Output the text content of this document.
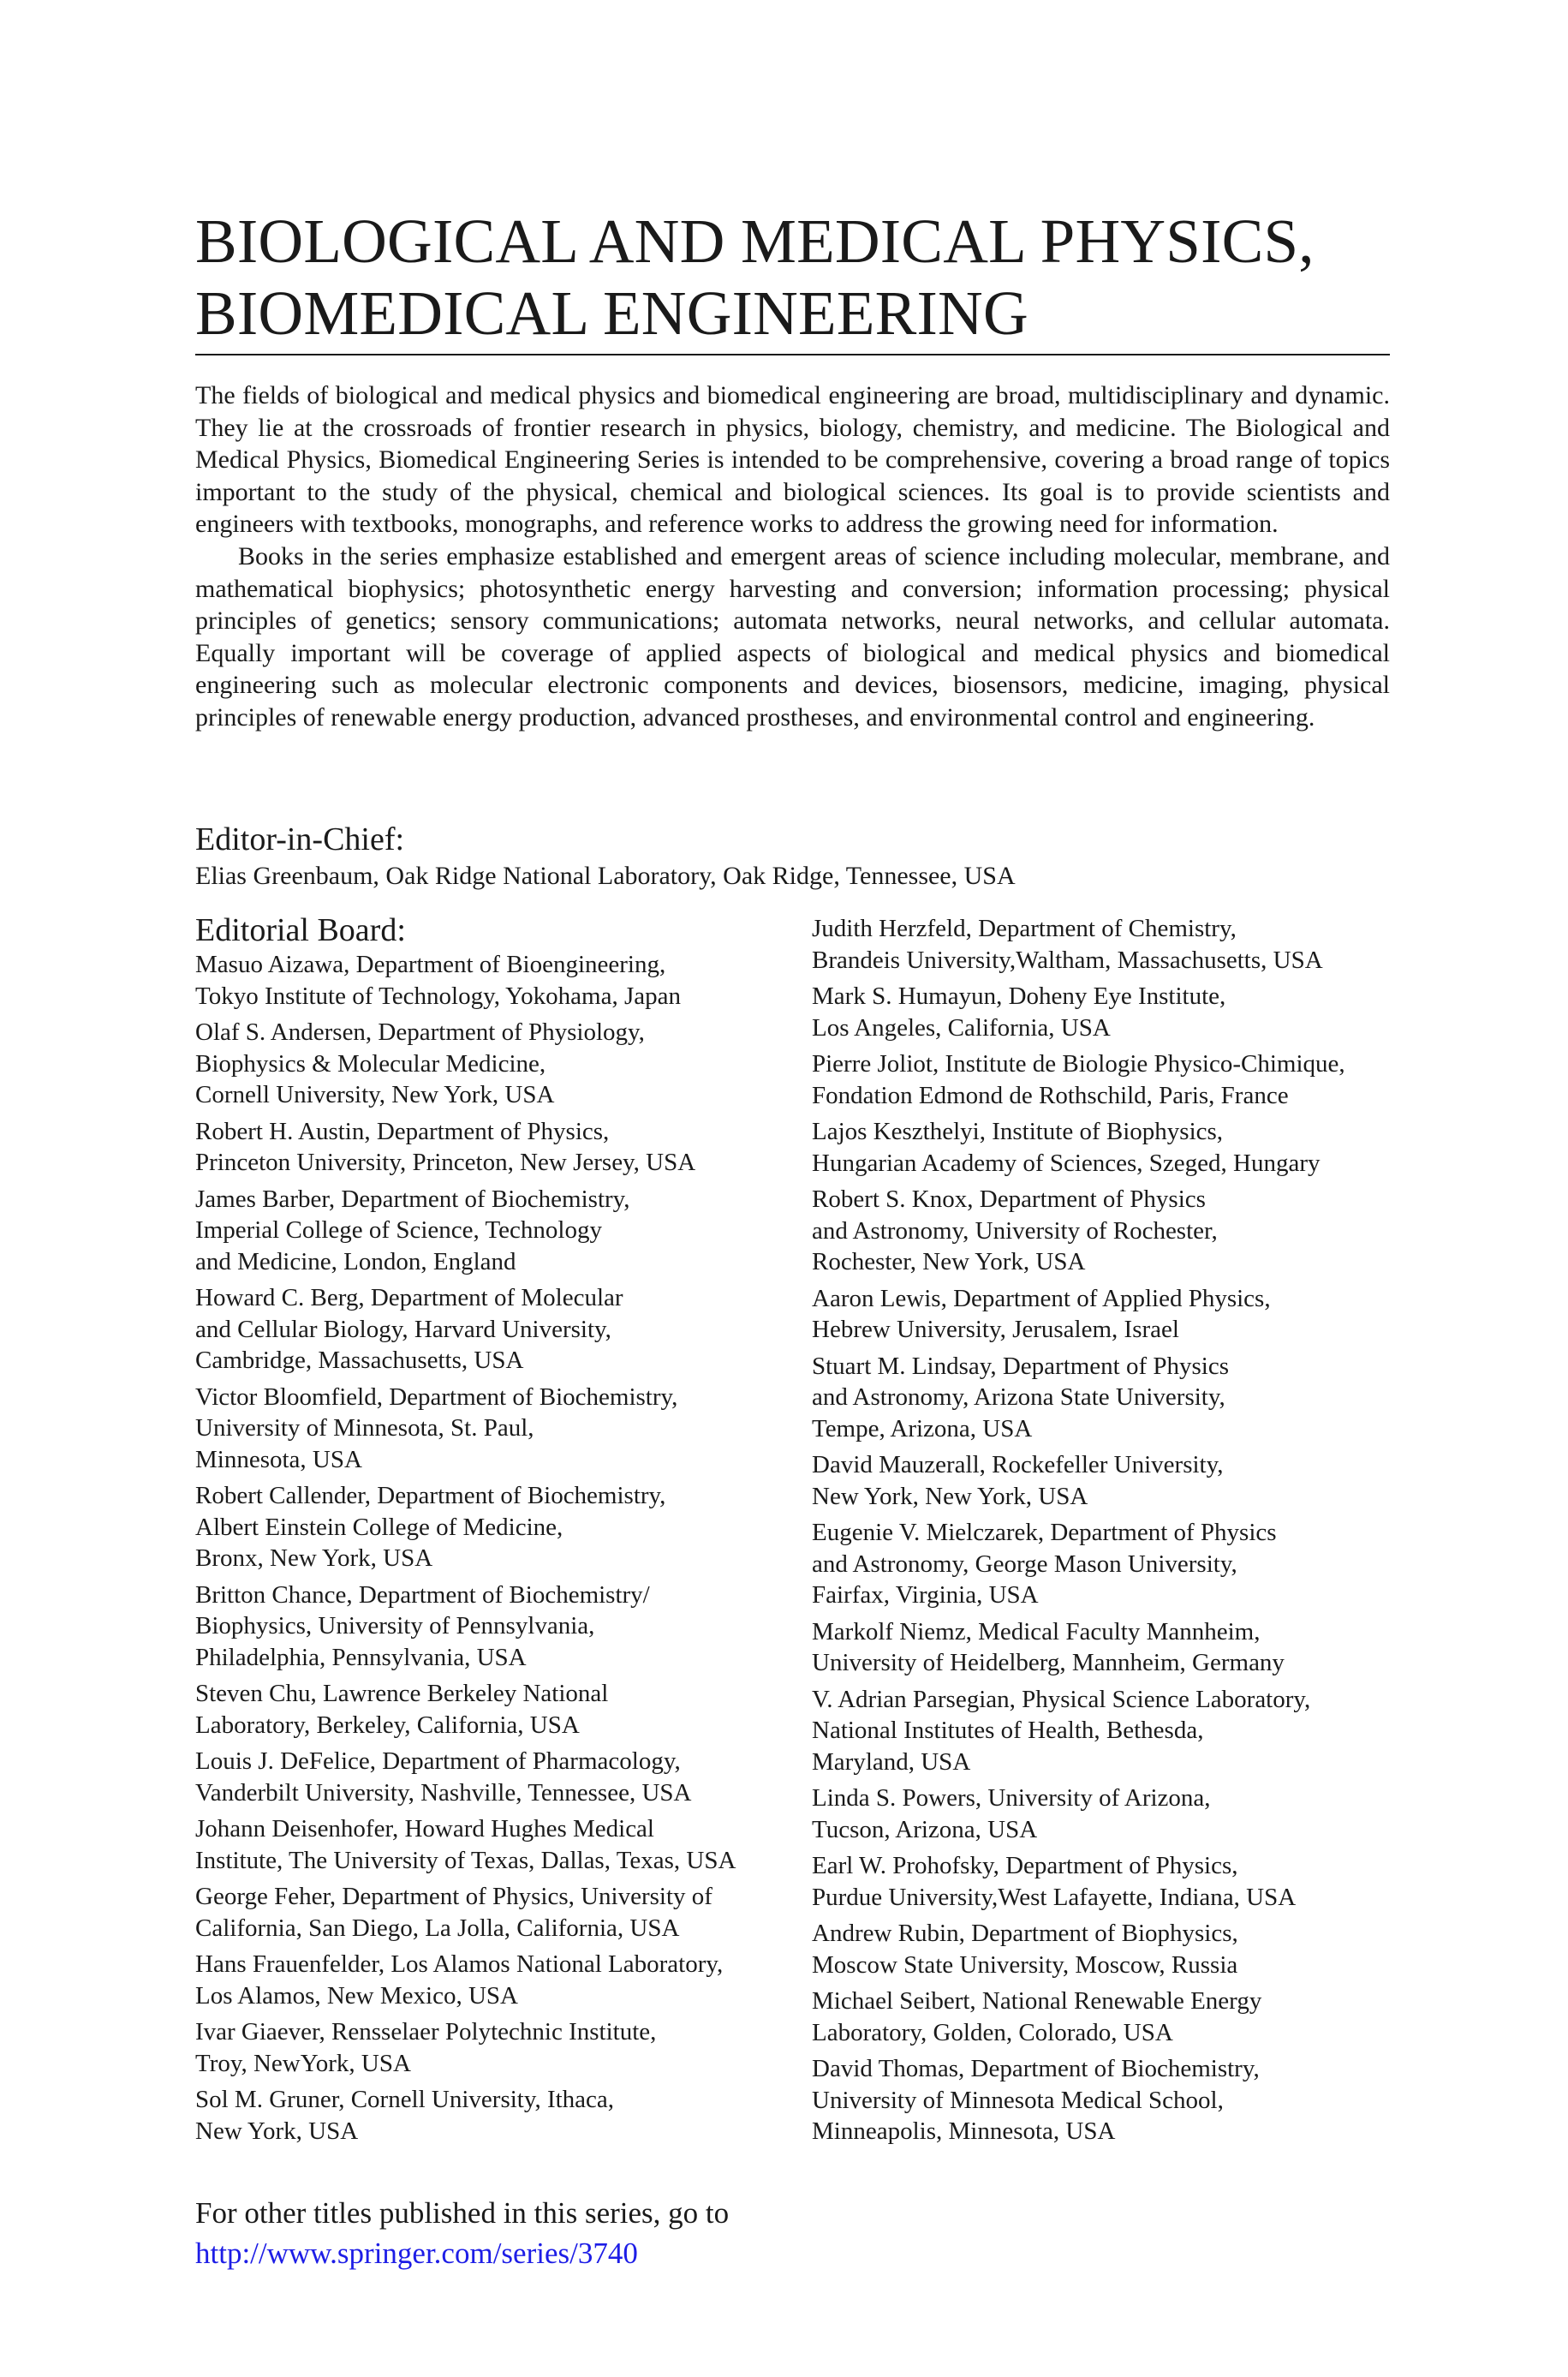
BIOLOGICAL AND MEDICAL PHYSICS,
BIOMEDICAL ENGINEERING

The fields of biological and medical physics and biomedical engineering are broad, multidisciplinary and dynamic. They lie at the crossroads of frontier research in physics, biology, chemistry, and medicine. The Biological and Medical Physics, Biomedical Engineering Series is intended to be comprehensive, covering a broad range of topics important to the study of the physical, chemical and biological sciences. Its goal is to provide scientists and engineers with textbooks, monographs, and reference works to address the growing need for information.

Books in the series emphasize established and emergent areas of science including molecular, membrane, and mathematical biophysics; photosynthetic energy harvesting and conversion; information processing; physical principles of genetics; sensory communications; automata networks, neural networks, and cellular automata. Equally important will be coverage of applied aspects of biological and medical physics and biomedical engineering such as molecular electronic components and devices, biosensors, medicine, imaging, physical principles of renewable energy production, advanced prostheses, and environmental control and engineering.

Editor-in-Chief:
Elias Greenbaum, Oak Ridge National Laboratory, Oak Ridge, Tennessee, USA
Editorial Board:
Masuo Aizawa, Department of Bioengineering,
Tokyo Institute of Technology, Yokohama, Japan
Olaf S. Andersen, Department of Physiology,
Biophysics & Molecular Medicine,
Cornell University, New York, USA
Robert H. Austin, Department of Physics,
Princeton University, Princeton, New Jersey, USA
James Barber, Department of Biochemistry,
Imperial College of Science, Technology
and Medicine, London, England
Howard C. Berg, Department of Molecular
and Cellular Biology, Harvard University,
Cambridge, Massachusetts, USA
Victor Bloomfield, Department of Biochemistry,
University of Minnesota, St. Paul,
Minnesota, USA
Robert Callender, Department of Biochemistry,
Albert Einstein College of Medicine,
Bronx, New York, USA
Britton Chance, Department of Biochemistry/
Biophysics, University of Pennsylvania,
Philadelphia, Pennsylvania, USA
Steven Chu, Lawrence Berkeley National
Laboratory, Berkeley, California, USA
Louis J. DeFelice, Department of Pharmacology,
Vanderbilt University, Nashville, Tennessee, USA
Johann Deisenhofer, Howard Hughes Medical
Institute, The University of Texas, Dallas, Texas, USA
George Feher, Department of Physics, University of
California, San Diego, La Jolla, California, USA
Hans Frauenfelder, Los Alamos National Laboratory,
Los Alamos, New Mexico, USA
Ivar Giaever, Rensselaer Polytechnic Institute,
Troy, NewYork, USA
Sol M. Gruner, Cornell University, Ithaca,
New York, USA
Judith Herzfeld, Department of Chemistry,
Brandeis University,Waltham, Massachusetts, USA
Mark S. Humayun, Doheny Eye Institute,
Los Angeles, California, USA
Pierre Joliot, Institute de Biologie Physico-Chimique,
Fondation Edmond de Rothschild, Paris, France
Lajos Keszthelyi, Institute of Biophysics,
Hungarian Academy of Sciences, Szeged, Hungary
Robert S. Knox, Department of Physics
and Astronomy, University of Rochester,
Rochester, New York, USA
Aaron Lewis, Department of Applied Physics,
Hebrew University, Jerusalem, Israel
Stuart M. Lindsay, Department of Physics
and Astronomy, Arizona State University,
Tempe, Arizona, USA
David Mauzerall, Rockefeller University,
New York, New York, USA
Eugenie V. Mielczarek, Department of Physics
and Astronomy, George Mason University,
Fairfax, Virginia, USA
Markolf Niemz, Medical Faculty Mannheim,
University of Heidelberg, Mannheim, Germany
V. Adrian Parsegian, Physical Science Laboratory,
National Institutes of Health, Bethesda,
Maryland, USA
Linda S. Powers, University of Arizona,
Tucson, Arizona, USA
Earl W. Prohofsky, Department of Physics,
Purdue University,West Lafayette, Indiana, USA
Andrew Rubin, Department of Biophysics,
Moscow State University, Moscow, Russia
Michael Seibert, National Renewable Energy
Laboratory, Golden, Colorado, USA
David Thomas, Department of Biochemistry,
University of Minnesota Medical School,
Minneapolis, Minnesota, USA
For other titles published in this series, go to
http://www.springer.com/series/3740
